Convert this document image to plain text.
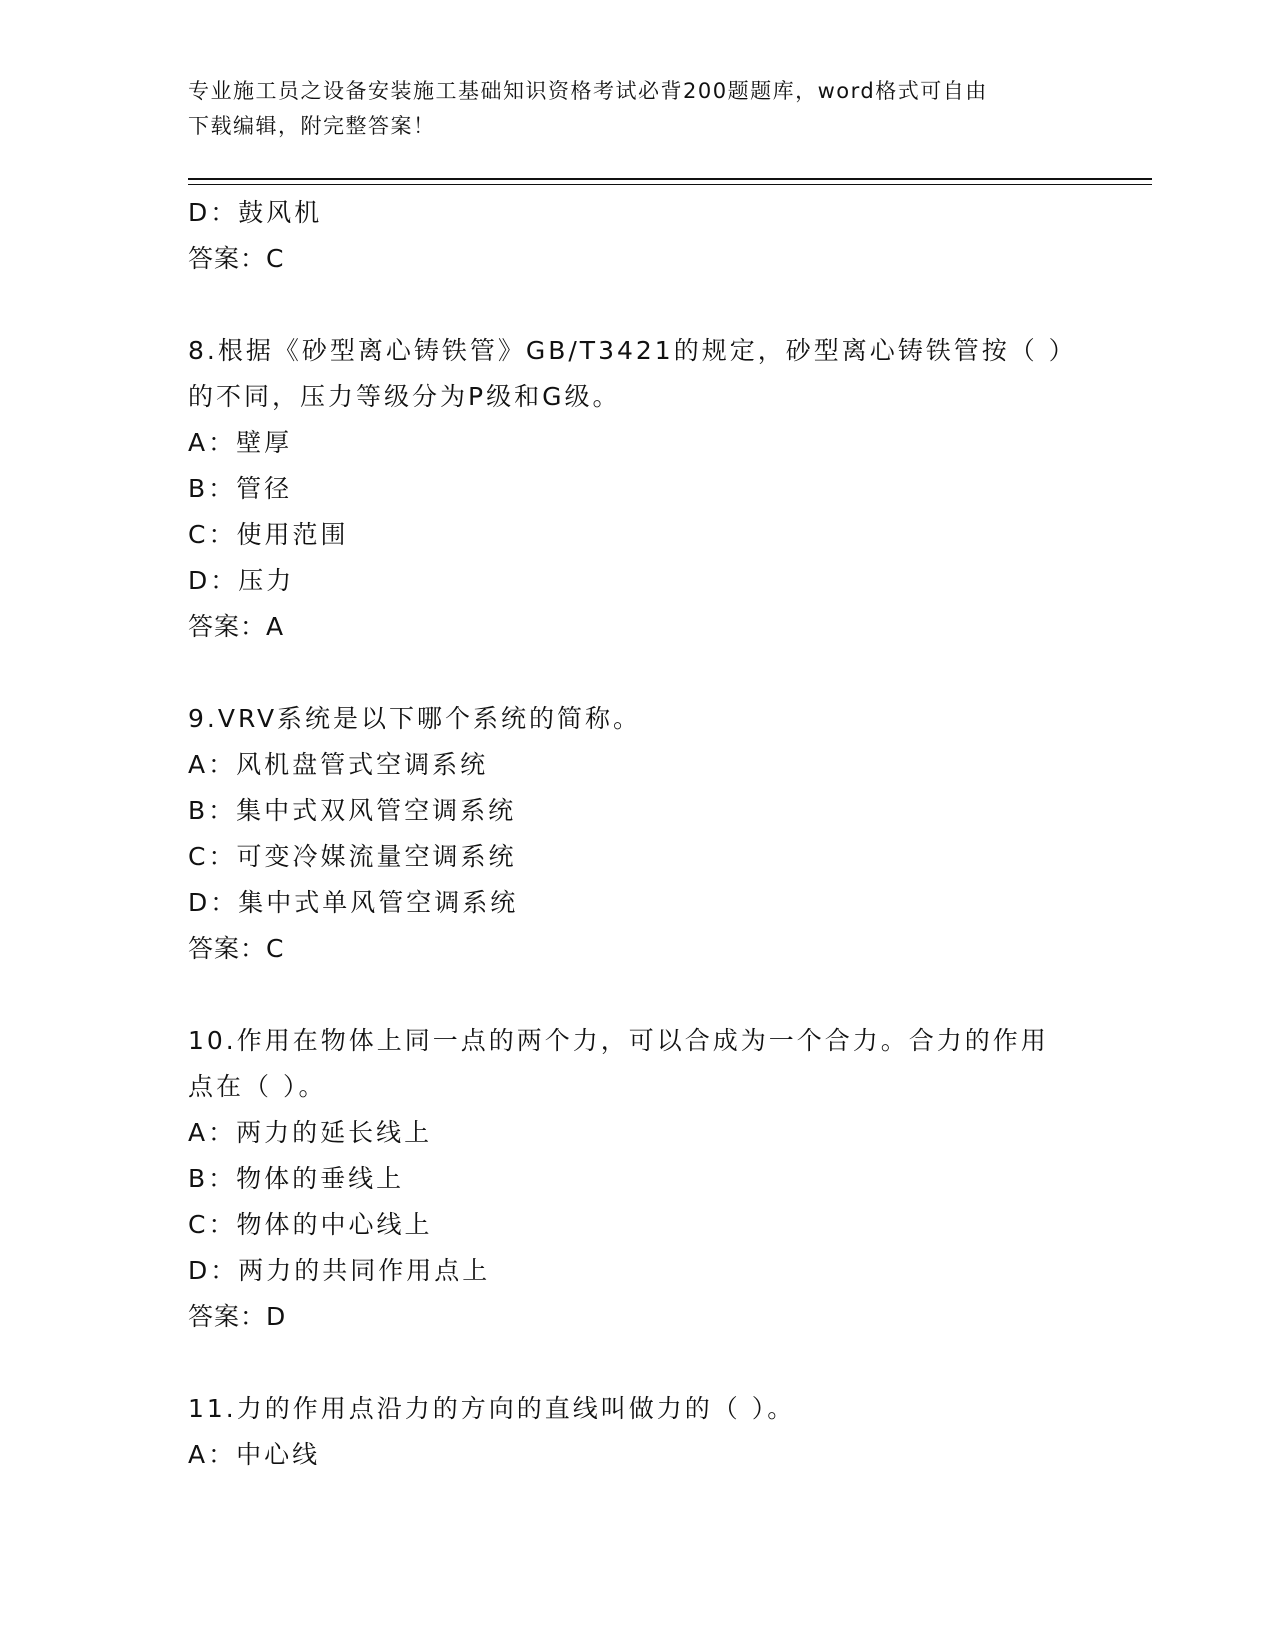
专业施工员之设备安装施工基础知识资格考试必背200题题库，word格式可自由
下载编辑，附完整答案！
D：鼓风机
答案：C
8.根据《砂型离心铸铁管》GB/T3421的规定，砂型离心铸铁管按（ ）
的不同，压力等级分为P级和G级。
A：壁厚
B：管径
C：使用范围
D：压力
答案：A
9.VRV系统是以下哪个系统的简称。
A：风机盘管式空调系统
B：集中式双风管空调系统
C：可变冷媒流量空调系统
D：集中式单风管空调系统
答案：C
10.作用在物体上同一点的两个力，可以合成为一个合力。合力的作用
点在（ ）。
A：两力的延长线上
B：物体的垂线上
C：物体的中心线上
D：两力的共同作用点上
答案：D
11.力的作用点沿力的方向的直线叫做力的（ ）。
A：中心线
